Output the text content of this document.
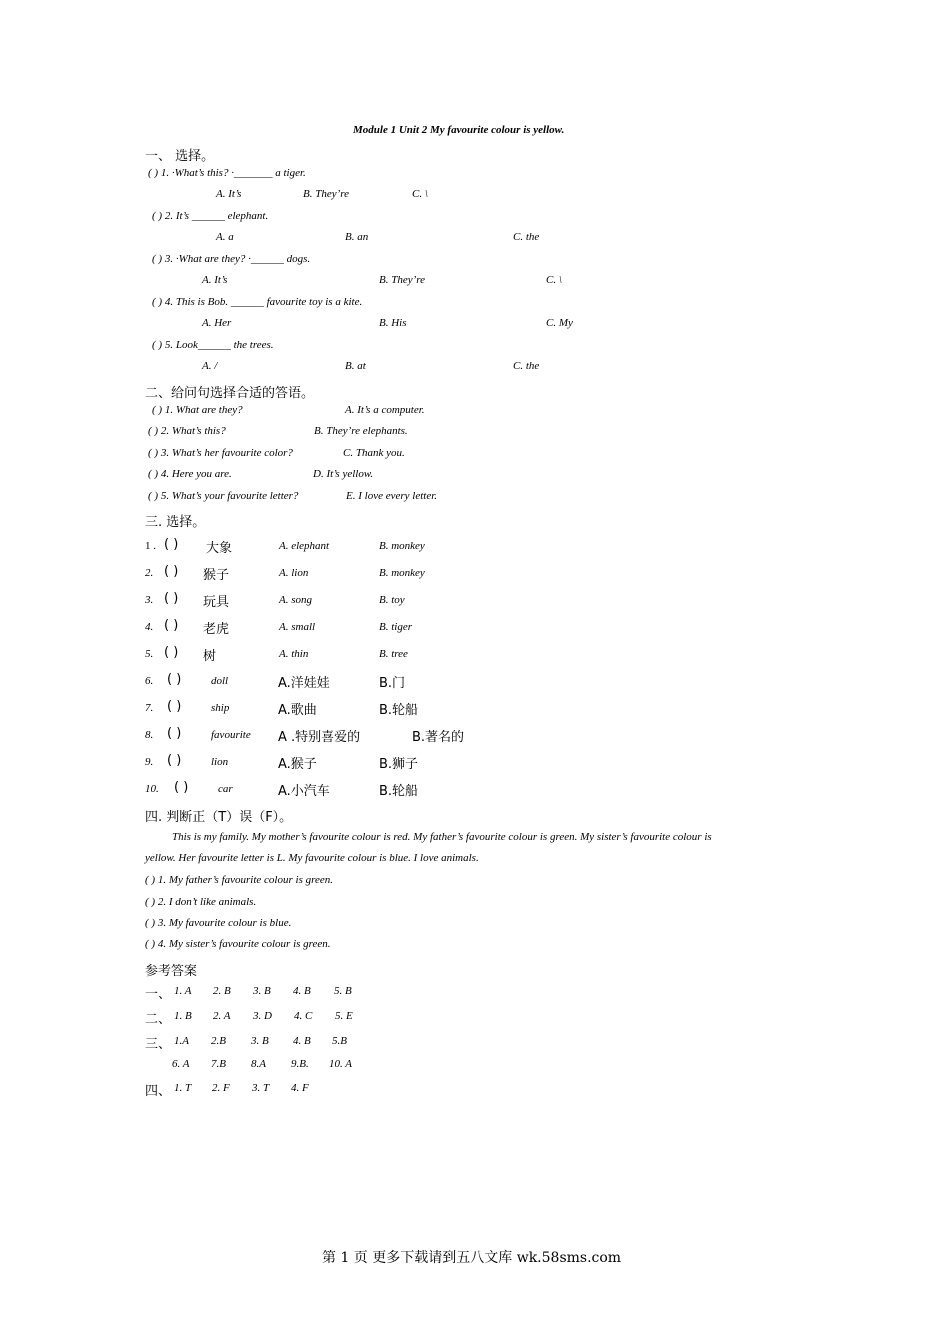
Module 1 Unit 2 My favourite colour is yellow.
一、 选择。
( ) 1. ·What’s this? ·_______ a tiger.
A. It’s	B. They’re	C. \
( ) 2. It’s ______ elephant.
A. a	B. an	C. the
( ) 3. ·What are they? ·______ dogs.
A. It’s	B. They’re	C. \
( ) 4. This is Bob. ______ favourite toy is a kite.
A. Her	B. His	C. My
( ) 5. Look______ the trees.
A. /	B. at	C. the
二、给问句选择合适的答语。
( ) 1. What are they?	A. It’s a computer.
( ) 2. What’s this?	B. They’re elephants.
( ) 3. What’s her favourite color?	C. Thank you.
( ) 4. Here you are.	D. It’s yellow.
( ) 5. What’s your favourite letter?	E. I love every letter.
三. 选择。
1 . ( ) 大象	A. elephant	B. monkey
2. ( ) 猴子	A. lion	B. monkey
3. ( ) 玩具	A. song	B. toy
4. ( ) 老虎	A. small	B. tiger
5. ( ) 树	A. thin	B. tree
6. ( )	doll	A.洋娃娃	B.门
7. ( )	ship	A.歌曲	B.轮船
8. ( )	favourite A .特别喜爱的	B.著名的
9. ( )	lion	A.猴子	B.狮子
10. ( )	car	A.小汽车	B.轮船
四. 判断正（T）误（F）。
This is my family. My mother’s favourite colour is red. My father’s favourite colour is green. My sister’s favourite colour is
yellow. Her favourite letter is L. My favourite colour is blue. I love animals.
( ) 1. My father’s favourite colour is green.
( ) 2. I don’t like animals.
( ) 3. My favourite colour is blue.
( ) 4. My sister’s favourite colour is green.
参考答案
一、 1. A 2. B 3. B 4. B 5. B
二、 1. B 2. A 3. D 4. C 5. E
三、 1.A 2.B 3. B 4. B 5.B
6. A 7.B 8.A 9.B. 10. A
四、 1. T 2. F 3. T 4. F
第 1 页 更多下载请到五八文库 wk.58sms.com
